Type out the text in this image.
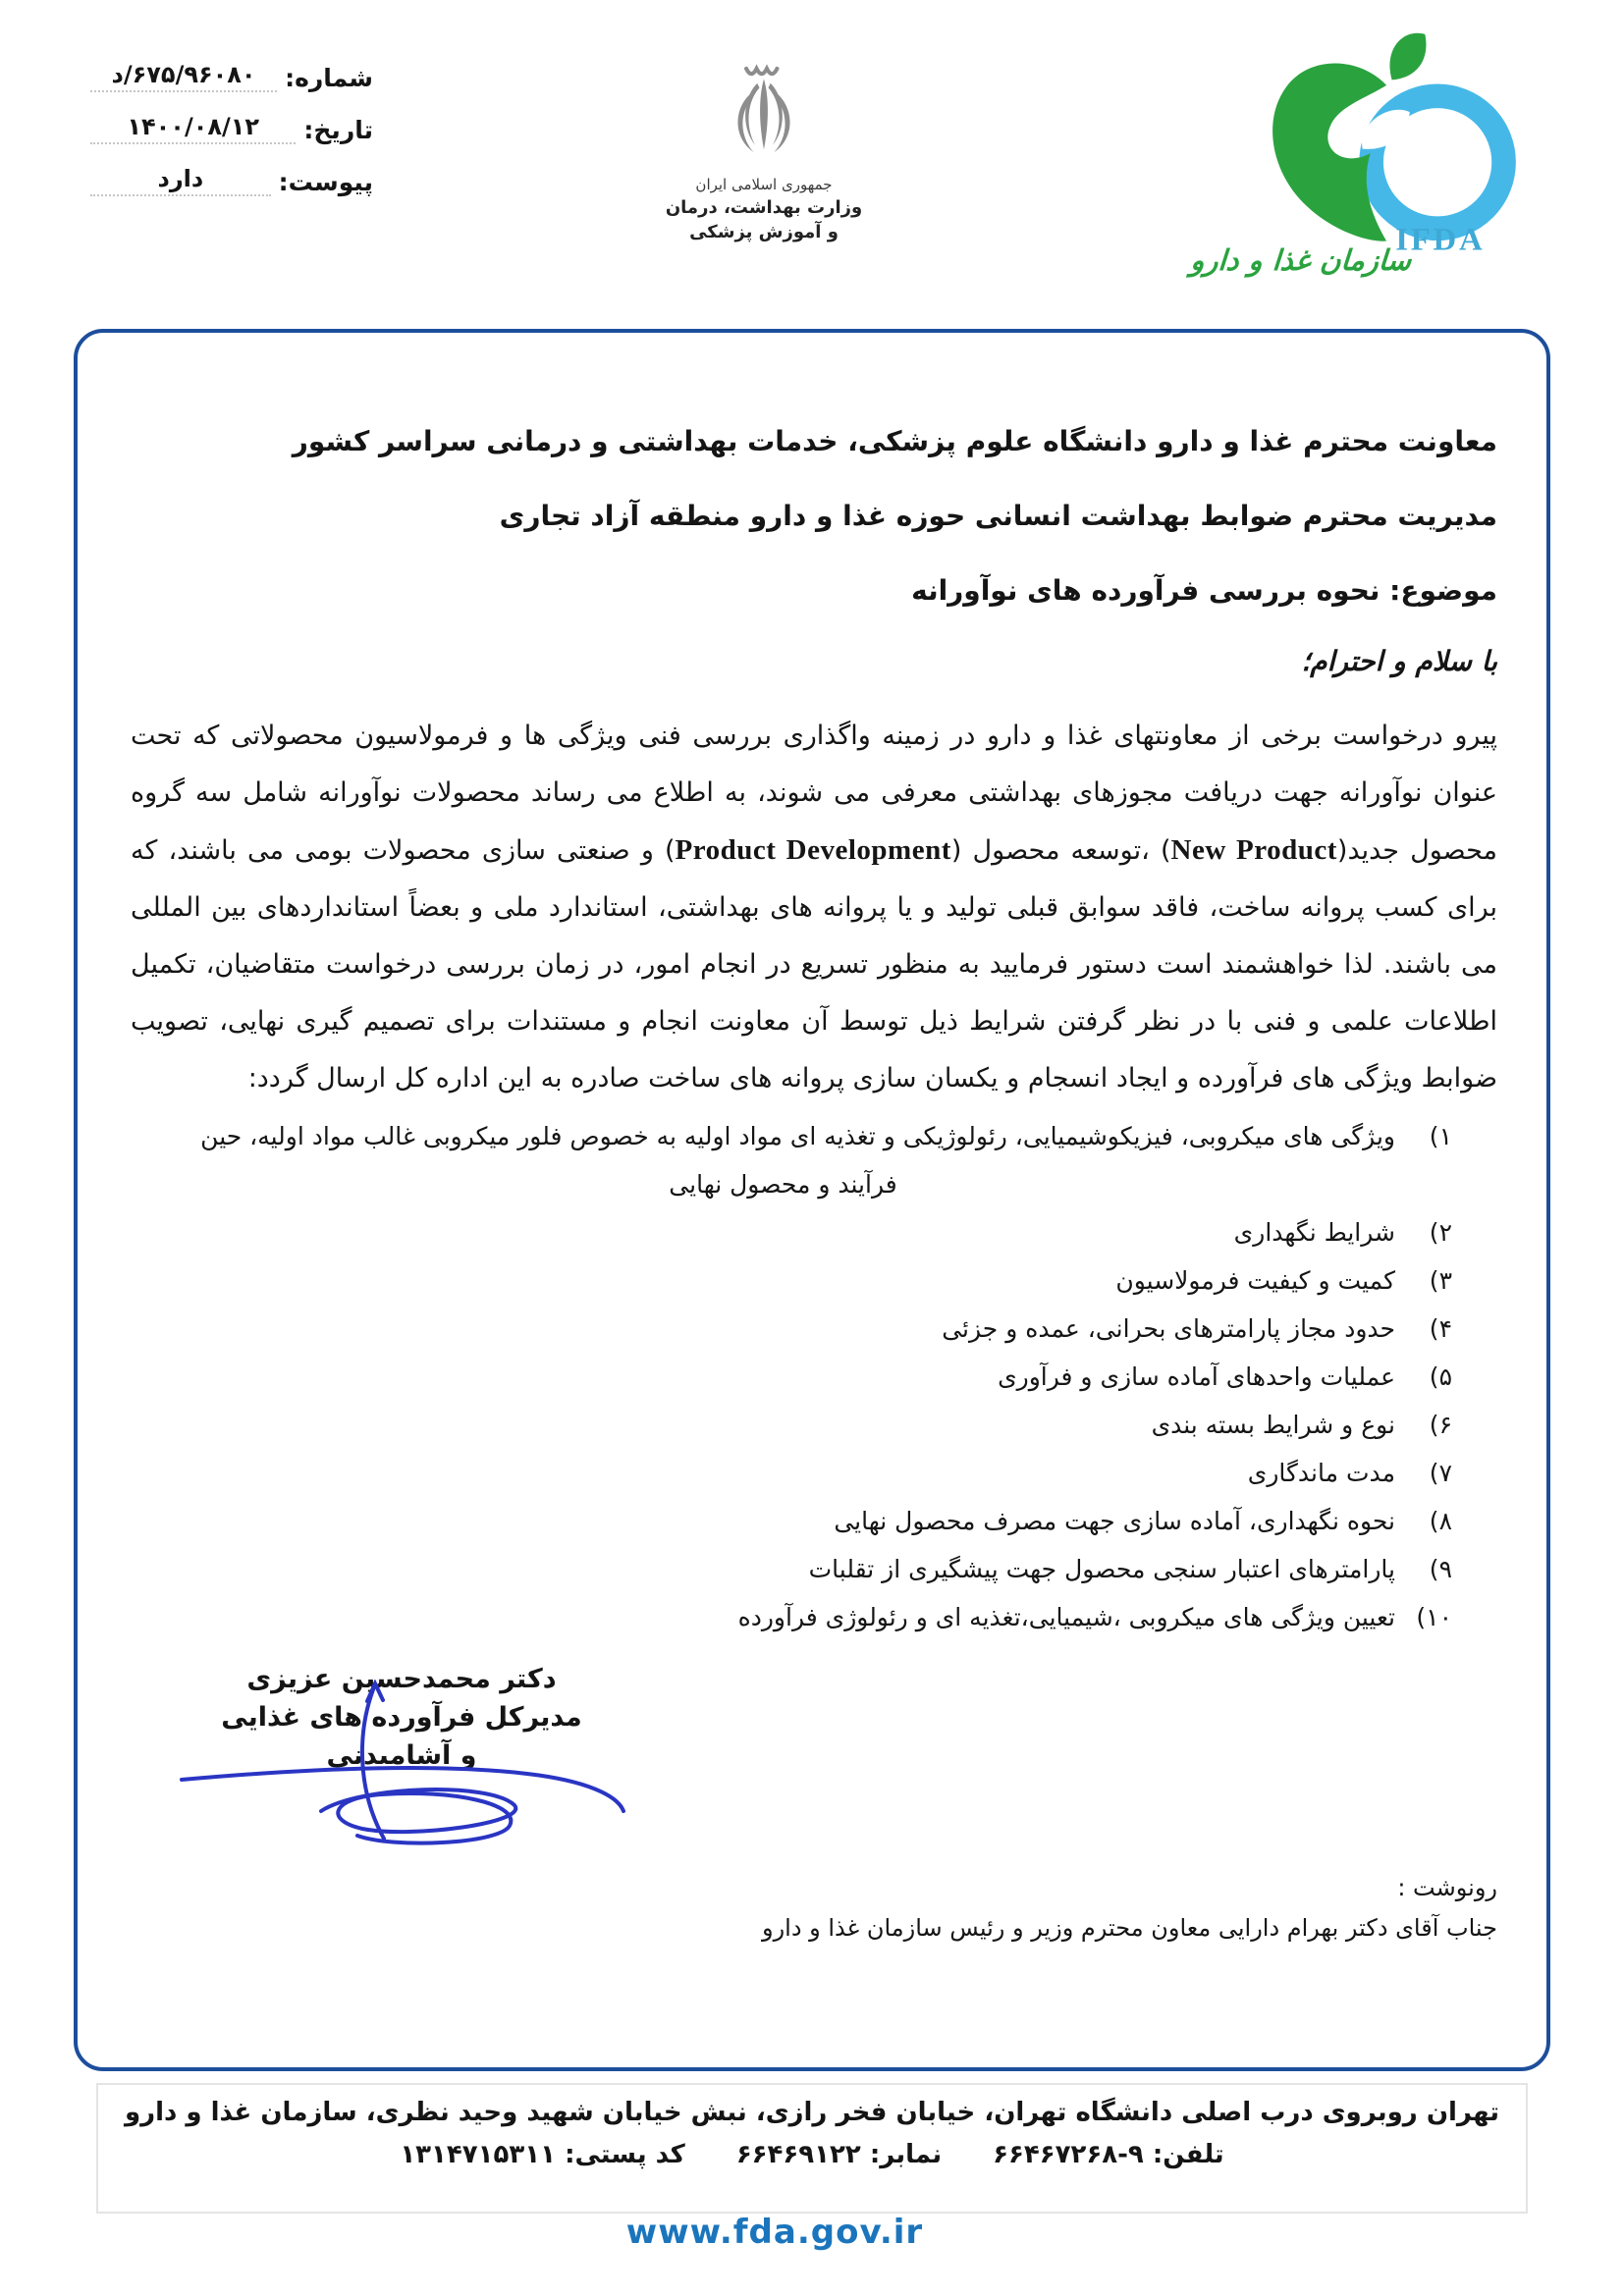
شماره:
۶۷۵/۹۶۰۸۰/د
تاریخ:
۱۴۰۰/۰۸/۱۲
پیوست:
دارد	جمهوری اسلامی ایران
وزارت بهداشت، درمان
و آموزش پزشکی	IFDA
سازمان غذا و دارو
معاونت محترم غذا و دارو دانشگاه علوم پزشکی، خدمات بهداشتی و درمانی سراسر کشور
مدیریت محترم ضوابط بهداشت انسانی حوزه غذا و دارو منطقه آزاد تجاری
موضوع: نحوه بررسی فرآورده های نوآورانه
با سلام و احترام؛
پیرو درخواست برخی از معاونتهای غذا و دارو در زمینه واگذاری بررسی فنی ویژگی ها و فرمولاسیون محصولاتی که تحت عنوان نوآورانه جهت دریافت مجوزهای بهداشتی معرفی می شوند، به اطلاع می رساند محصولات نوآورانه شامل سه گروه محصول جدید(New Product) ،توسعه محصول (Product Development) و صنعتی سازی محصولات بومی می باشند، که برای کسب پروانه ساخت، فاقد سوابق قبلی تولید و یا پروانه های بهداشتی، استاندارد ملی و بعضاً استانداردهای بین المللی می باشند. لذا خواهشمند است دستور فرمایید به منظور تسریع در انجام امور، در زمان بررسی درخواست متقاضیان، تکمیل اطلاعات علمی و فنی با در نظر گرفتن شرایط ذیل توسط آن معاونت انجام و مستندات برای تصمیم گیری نهایی، تصویب ضوابط ویژگی های فرآورده و ایجاد انسجام و یکسان سازی پروانه های ساخت صادره به این اداره کل ارسال گردد:
۱)
ویژگی های میکروبی، فیزیکوشیمیایی، رئولوژیکی و تغذیه ای مواد اولیه به خصوص فلور میکروبی غالب مواد اولیه، حین
فرآیند و محصول نهایی
۲)
شرایط نگهداری
۳)
کمیت و کیفیت فرمولاسیون
۴)
حدود مجاز پارامترهای بحرانی، عمده و جزئی
۵)
عملیات واحدهای آماده سازی و فرآوری
۶)
نوع و شرایط بسته بندی
۷)
مدت ماندگاری
۸)
نحوه نگهداری، آماده سازی جهت مصرف محصول نهایی
۹)
پارامترهای اعتبار سنجی محصول جهت پیشگیری از تقلبات
۱۰)
تعیین ویژگی های میکروبی ،شیمیایی،تغذیه ای و رئولوژی فرآورده
دکتر محمدحسین عزیزی
مدیرکل فرآورده های غذایی
و آشامیدنی
رونوشت :
جناب آقای دکتر بهرام دارایی معاون محترم وزیر و رئیس سازمان غذا و دارو
تهران روبروی درب اصلی دانشگاه تهران، خیابان فخر رازی، نبش خیابان شهید وحید نظری، سازمان غذا و دارو
تلفن: ۹-۶۶۴۶۷۲۶۸
نمابر: ۶۶۴۶۹۱۲۲
کد پستی: ۱۳۱۴۷۱۵۳۱۱
www.fda.gov.ir
